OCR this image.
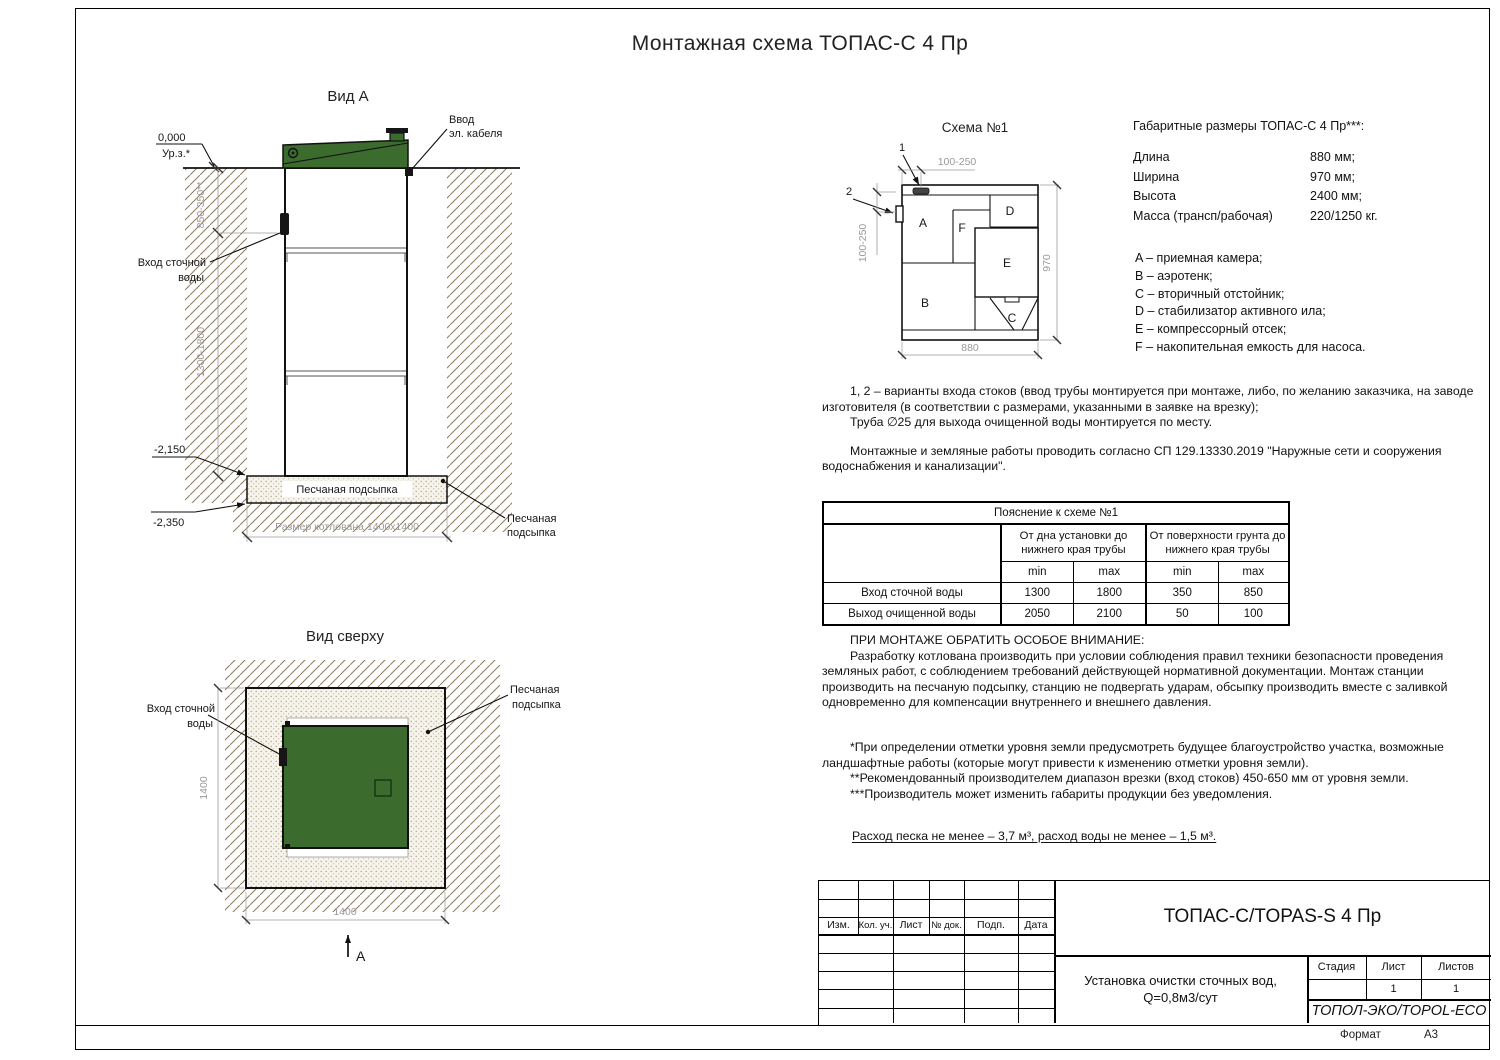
Монтажная схема ТОПАС-С 4 Пр
Вид А
Песчаная подсыпка
Ввод
эл. кабеля
0,000
Ур.з.*
850-350**
1300-1800
Вход сточной
воды
-2,150
-2,350	Размер котлована 1400х1400
Песчаная
подсыпка
Вид сверху
Вход сточной
воды
Песчаная
подсыпка
1400
1400
А
Схема №1
A	F
D
E
B
C
1
2
100-250
100-250
880
970
Габаритные размеры ТОПАС-С 4 Пр***:
Длина	880 мм;
Ширина	970 мм;
Высота	2400 мм;
Масса (трансп/рабочая)	220/1250 кг.
A – приемная камера;
B – аэротенк;
C – вторичный отстойник;
D – стабилизатор активного ила;
E – компрессорный отсек;
F – накопительная емкость для насоса.

1, 2 – варианты входа стоков (ввод трубы монтируется при монтаже, либо, по желанию заказчика, на заводе изготовителя (в соответствии с размерами, указанными в заявке на врезку);

Труба ∅25 для выхода очищенной воды монтируется по месту.

Монтажные и земляные работы проводить согласно СП 129.13330.2019 "Наружные сети и сооружения водоснабжения и канализации".

Пояснение к схеме №1				
	От дна установки до нижнего края трубы		От поверхности грунта до нижнего края трубы	
	min	max	min	max
Вход сточной воды	1300	1800	350	850
Выход очищенной воды	2050	2100	50	100

ПРИ МОНТАЖЕ ОБРАТИТЬ ОСОБОЕ ВНИМАНИЕ:

Разработку котлована производить при условии соблюдения правил техники безопасности проведения земляных работ, с соблюдением требований действующей нормативной документации. Монтаж станции производить на песчаную подсыпку, станцию не подвергать ударам, обсыпку производить вместе с заливкой одновременно для компенсации внутреннего и внешнего давления.

*При определении отметки уровня земли предусмотреть будущее благоустройство участка, возможные ландшафтные работы (которые могут привести к изменению отметки уровня земли).

**Рекомендованный производителем диапазон врезки (вход стоков) 450-650 мм от уровня земли.

***Производитель может изменить габариты продукции без уведомления.

Расход песка не менее – 3,7 м³, расход воды не менее – 1,5 м³.
Изм. Кол. уч. Лист № док.	Подп.	Дата	ТОПАС-С/TOPAS-S 4 Пр
Установка очистки сточных вод,
Q=0,8м3/сут
Стадия	Лист	Листов
1	1
ТОПОЛ-ЭКО/TOPOL-ECO
Формат	А3
